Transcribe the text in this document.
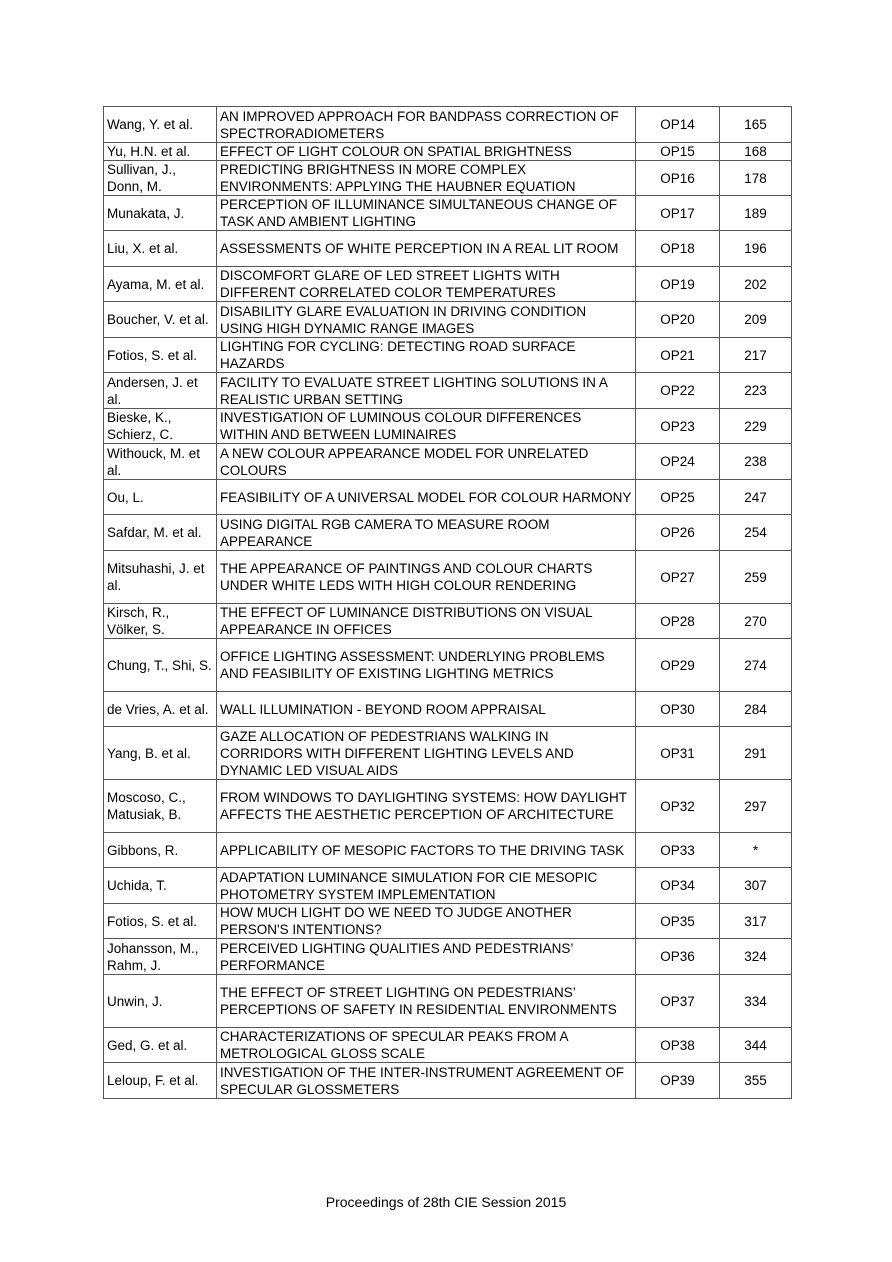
Wang, Y. et al.	AN IMPROVED APPROACH FOR BANDPASS CORRECTION OF SPECTRORADIOMETERS	OP14	165
Yu, H.N. et al.	EFFECT OF LIGHT COLOUR ON SPATIAL BRIGHTNESS	OP15	168
Sullivan, J., Donn, M.	PREDICTING BRIGHTNESS IN MORE COMPLEX ENVIRONMENTS: APPLYING THE HAUBNER EQUATION	OP16	178
Munakata, J.	PERCEPTION OF ILLUMINANCE SIMULTANEOUS CHANGE OF TASK AND AMBIENT LIGHTING	OP17	189
Liu, X. et al.	ASSESSMENTS OF WHITE PERCEPTION IN A REAL LIT ROOM	OP18	196
Ayama, M. et al.	DISCOMFORT GLARE OF LED STREET LIGHTS WITH DIFFERENT CORRELATED COLOR TEMPERATURES	OP19	202
Boucher, V. et al.	DISABILITY GLARE EVALUATION IN DRIVING CONDITION USING HIGH DYNAMIC RANGE IMAGES	OP20	209
Fotios, S. et al.	LIGHTING FOR CYCLING: DETECTING ROAD SURFACE HAZARDS	OP21	217
Andersen, J. et al.	FACILITY TO EVALUATE STREET LIGHTING SOLUTIONS IN A REALISTIC URBAN SETTING	OP22	223
Bieske, K., Schierz, C.	INVESTIGATION OF LUMINOUS COLOUR DIFFERENCES WITHIN AND BETWEEN LUMINAIRES	OP23	229
Withouck, M. et al.	A NEW COLOUR APPEARANCE MODEL FOR UNRELATED COLOURS	OP24	238
Ou, L.	FEASIBILITY OF A UNIVERSAL MODEL FOR COLOUR HARMONY	OP25	247
Safdar, M. et al.	USING DIGITAL RGB CAMERA TO MEASURE ROOM APPEARANCE	OP26	254
Mitsuhashi, J. et al.	THE APPEARANCE OF PAINTINGS AND COLOUR CHARTS UNDER WHITE LEDS WITH HIGH COLOUR RENDERING	OP27	259
Kirsch, R., Völker, S.	THE EFFECT OF LUMINANCE DISTRIBUTIONS ON VISUAL APPEARANCE IN OFFICES	OP28	270
Chung, T., Shi, S.	OFFICE LIGHTING ASSESSMENT: UNDERLYING PROBLEMS AND FEASIBILITY OF EXISTING LIGHTING METRICS	OP29	274
de Vries, A. et al.	WALL ILLUMINATION - BEYOND ROOM APPRAISAL	OP30	284
Yang, B. et al.	GAZE ALLOCATION OF PEDESTRIANS WALKING IN CORRIDORS WITH DIFFERENT LIGHTING LEVELS AND DYNAMIC LED VISUAL AIDS	OP31	291
Moscoso, C., Matusiak, B.	FROM WINDOWS TO DAYLIGHTING SYSTEMS: HOW DAYLIGHT AFFECTS THE AESTHETIC PERCEPTION OF ARCHITECTURE	OP32	297
Gibbons, R.	APPLICABILITY OF MESOPIC FACTORS TO THE DRIVING TASK	OP33	*
Uchida, T.	ADAPTATION LUMINANCE SIMULATION FOR CIE MESOPIC PHOTOMETRY SYSTEM IMPLEMENTATION	OP34	307
Fotios, S. et al.	HOW MUCH LIGHT DO WE NEED TO JUDGE ANOTHER PERSON'S INTENTIONS?	OP35	317
Johansson, M., Rahm, J.	PERCEIVED LIGHTING QUALITIES AND PEDESTRIANS’ PERFORMANCE	OP36	324
Unwin, J.	THE EFFECT OF STREET LIGHTING ON PEDESTRIANS’ PERCEPTIONS OF SAFETY IN RESIDENTIAL ENVIRONMENTS	OP37	334
Ged, G. et al.	CHARACTERIZATIONS OF SPECULAR PEAKS FROM A METROLOGICAL GLOSS SCALE	OP38	344
Leloup, F. et al.	INVESTIGATION OF THE INTER-INSTRUMENT AGREEMENT OF SPECULAR GLOSSMETERS	OP39	355
Proceedings of 28th CIE Session 2015
